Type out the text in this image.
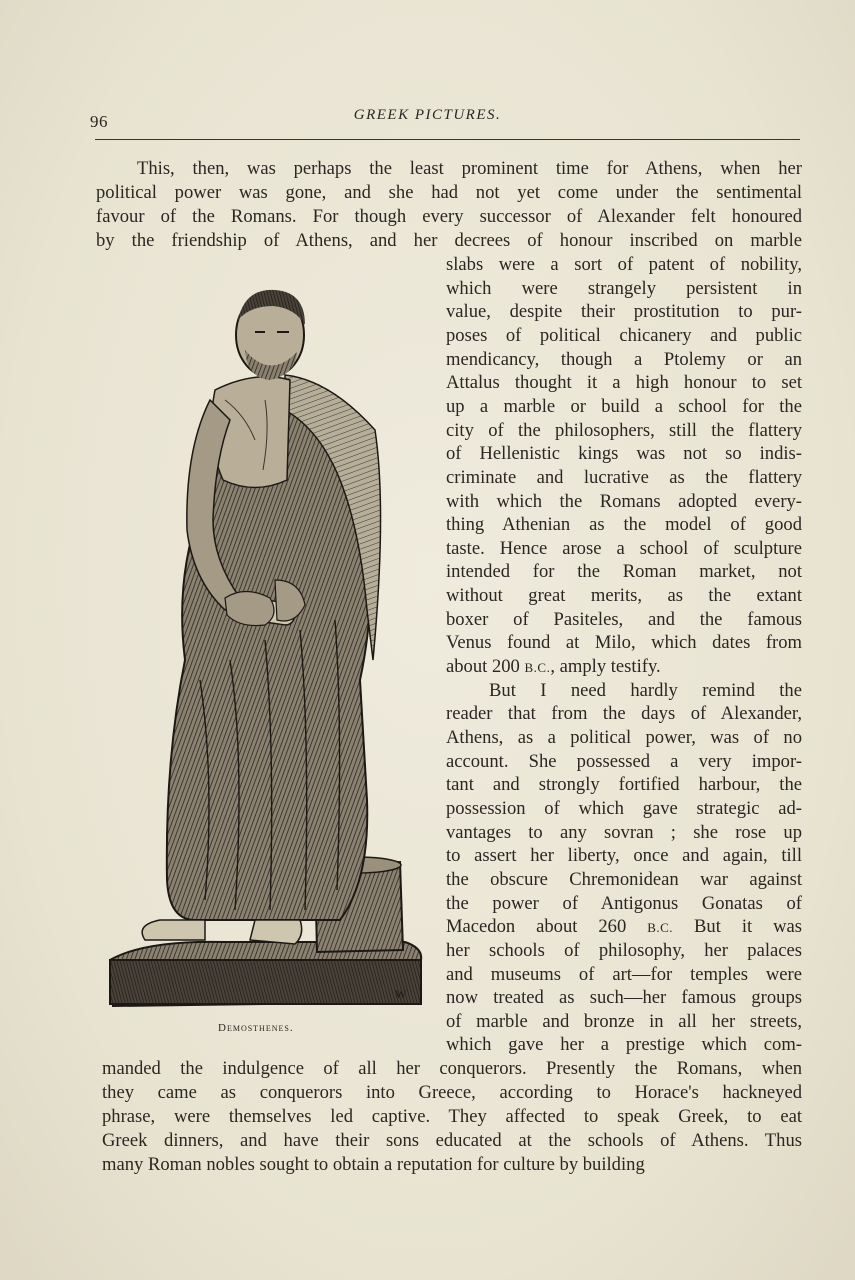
96	GREEK PICTURES.
W
Demosthenes.
This, then, was perhaps the least prominent time for Athens, when her
political power was gone, and she had not yet come under the sentimental
favour of the Romans. For though every successor of Alexander felt honoured
by the friendship of Athens, and her decrees of honour inscribed on marble
slabs were a sort of patent of nobility,
which were strangely persistent in
value, despite their prostitution to pur-
poses of political chicanery and public
mendicancy, though a Ptolemy or an
Attalus thought it a high honour to set
up a marble or build a school for the
city of the philosophers, still the flattery
of Hellenistic kings was not so indis-
criminate and lucrative as the flattery
with which the Romans adopted every-
thing Athenian as the model of good
taste. Hence arose a school of sculpture
intended for the Roman market, not
without great merits, as the extant
boxer of Pasiteles, and the famous
Venus found at Milo, which dates from
about 200 B.C., amply testify.
But I need hardly remind the
reader that from the days of Alexander,
Athens, as a political power, was of no
account. She possessed a very impor-
tant and strongly fortified harbour, the
possession of which gave strategic ad-
vantages to any sovran ; she rose up
to assert her liberty, once and again, till
the obscure Chremonidean war against
the power of Antigonus Gonatas of
Macedon about 260 B.C. But it was
her schools of philosophy, her palaces
and museums of art—for temples were
now treated as such—her famous groups
of marble and bronze in all her streets,
which gave her a prestige which com-
manded the indulgence of all her conquerors. Presently the Romans, when
they came as conquerors into Greece, according to Horace's hackneyed
phrase, were themselves led captive. They affected to speak Greek, to eat
Greek dinners, and have their sons educated at the schools of Athens. Thus
many Roman nobles sought to obtain a reputation for culture by building
